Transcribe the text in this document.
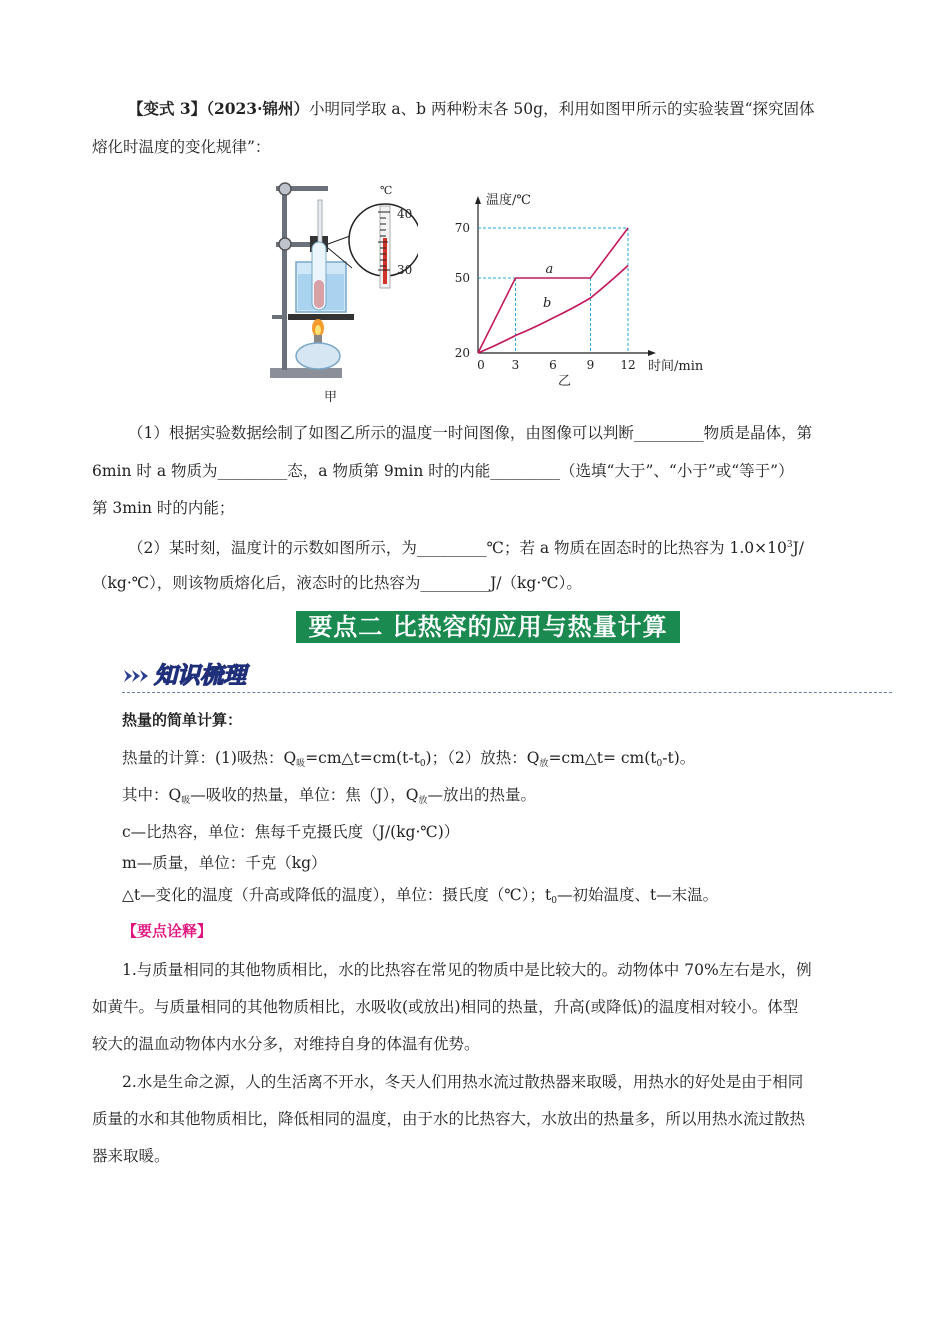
【变式 3】（2023·锦州）小明同学取 a、b 两种粉末各 50g，利用如图甲所示的实验装置“探究固体
熔化时温度的变化规律”：
℃
40
30
甲
a
b
0 3 6 9 12
20
50
70
温度/℃
时间/min
乙
（1）根据实验数据绘制了如图乙所示的温度一时间图像，由图像可以判断_________物质是晶体，第
6min 时 a 物质为_________态，a 物质第 9min 时的内能_________（选填“大于”、“小于”或“等于”）
第 3min 时的内能；
（2）某时刻，温度计的示数如图所示，为_________℃；若 a 物质在固态时的比热容为 $1.0\times 10^3J/$
（kg·℃），则该物质熔化后，液态时的比热容为_________J/（kg·℃）。
要点二 比热容的应用与热量计算
知识梳理
热量的简单计算：
热量的计算：(1)吸热：$Q_吸=cm\triangle t=cm(t-t_0)$；（2）放热：$Q_放=cm\triangle t= cm(t_0-t)$。
其中：$Q_吸—$吸收的热量，单位：焦（J），$Q_放—$放出的热量。
c—比热容，单位：焦每千克摄氏度（J/(kg·℃)）
m—质量，单位：千克（kg）
△t—变化的温度（升高或降低的温度），单位：摄氏度（℃）；$t_0—$初始温度、t—末温。
【要点诠释】
1.与质量相同的其他物质相比，水的比热容在常见的物质中是比较大的。动物体中 70%左右是水，例
如黄牛。与质量相同的其他物质相比，水吸收(或放出)相同的热量，升高(或降低)的温度相对较小。体型
较大的温血动物体内水分多，对维持自身的体温有优势。
2.水是生命之源，人的生活离不开水，冬天人们用热水流过散热器来取暖，用热水的好处是由于相同
质量的水和其他物质相比，降低相同的温度，由于水的比热容大，水放出的热量多，所以用热水流过散热
器来取暖。
